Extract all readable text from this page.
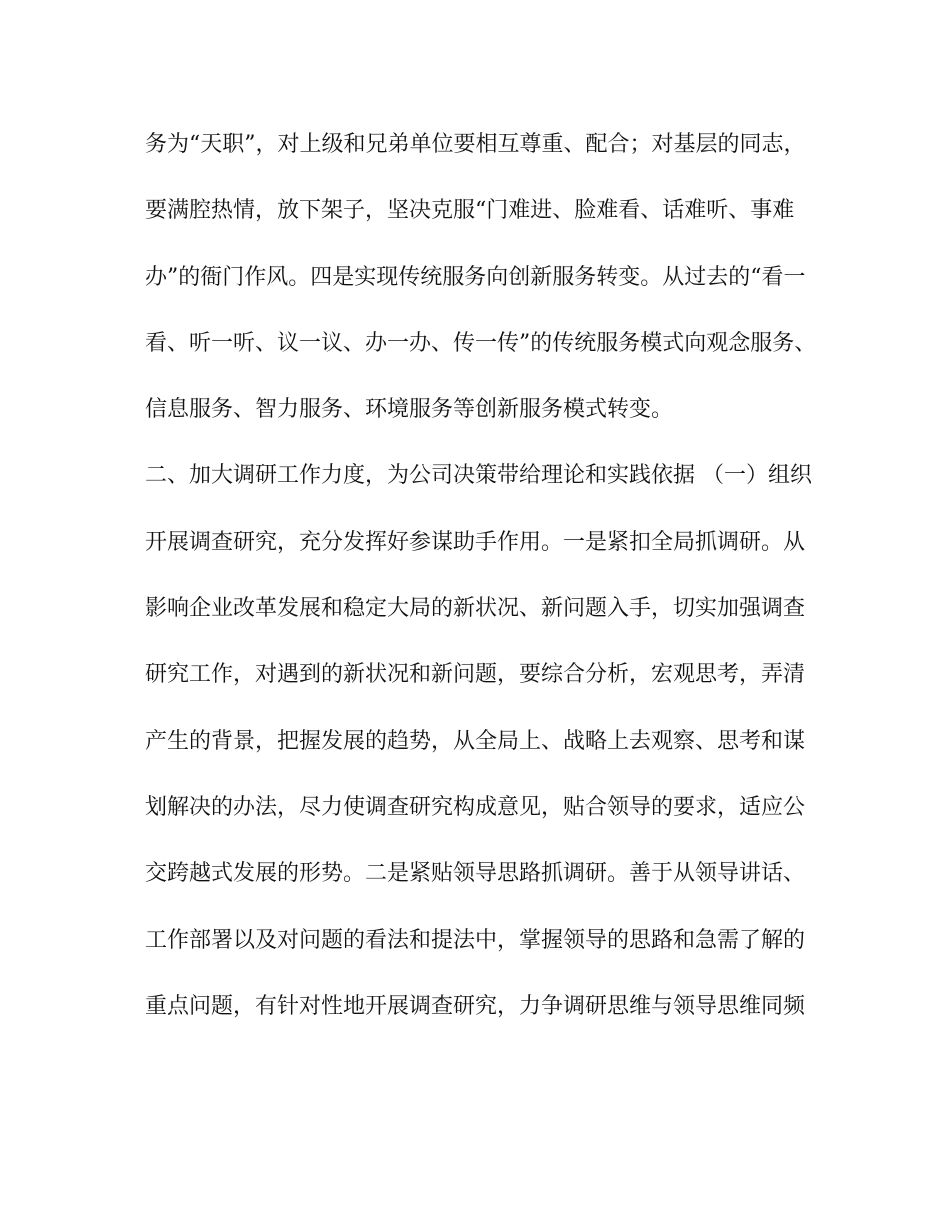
务为“天职”，对上级和兄弟单位要相互尊重、配合；对基层的同志，
要满腔热情，放下架子，坚决克服“门难进、脸难看、话难听、事难
办”的衙门作风。四是实现传统服务向创新服务转变。从过去的“看一
看、听一听、议一议、办一办、传一传”的传统服务模式向观念服务、
信息服务、智力服务、环境服务等创新服务模式转变。
二、加大调研工作力度，为公司决策带给理论和实践依据 （一）组织
开展调查研究，充分发挥好参谋助手作用。一是紧扣全局抓调研。从
影响企业改革发展和稳定大局的新状况、新问题入手，切实加强调查
研究工作，对遇到的新状况和新问题，要综合分析，宏观思考，弄清
产生的背景，把握发展的趋势，从全局上、战略上去观察、思考和谋
划解决的办法，尽力使调查研究构成意见，贴合领导的要求，适应公
交跨越式发展的形势。二是紧贴领导思路抓调研。善于从领导讲话、
工作部署以及对问题的看法和提法中，掌握领导的思路和急需了解的
重点问题，有针对性地开展调查研究，力争调研思维与领导思维同频
